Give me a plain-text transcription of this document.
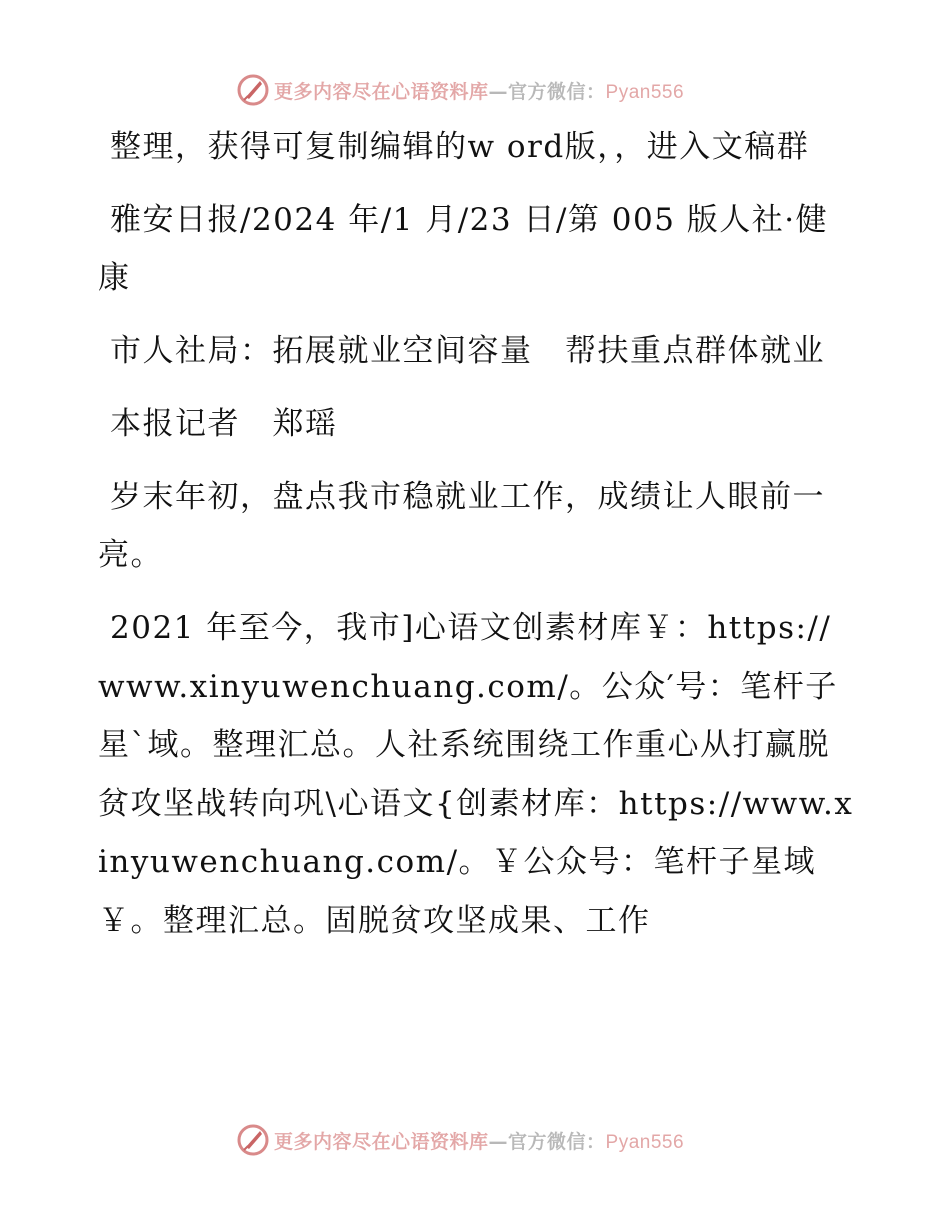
更多内容尽在心语资料库—官方微信：Pyan556

整理，获得可复制编辑的w ord版，，进入文稿群

雅安日报/2024 年/1 月/23 日/第 005 版人社·健康

市人社局：拓展就业空间容量　帮扶重点群体就业

本报记者　郑瑶

岁末年初，盘点我市稳就业工作，成绩让人眼前一亮。

2021 年至今，我市]心语文创素材库￥：https://www.xinyuwenchuang.com/。公众′号：笔杆子星`域。整理汇总。人社系统围绕工作重心从打赢脱贫攻坚战转向巩\心语文{创素材库：https://www.xinyuwenchuang.com/。￥公众号：笔杆子星域￥。整理汇总。固脱贫攻坚成果、工作

更多内容尽在心语资料库—官方微信：Pyan556
